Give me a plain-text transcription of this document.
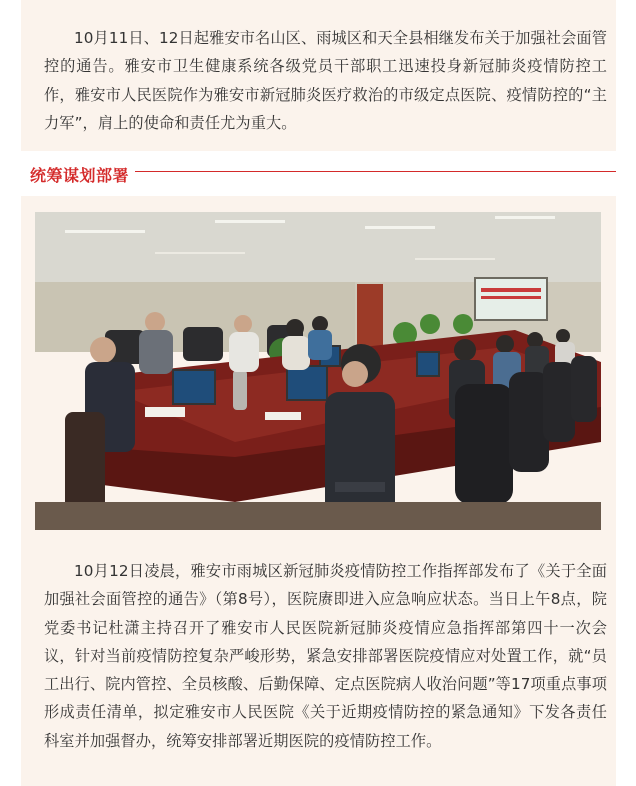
10月11日、12日起雅安市名山区、雨城区和天全县相继发布关于加强社会面管控的通告。雅安市卫生健康系统各级党员干部职工迅速投身新冠肺炎疫情防控工作，雅安市人民医院作为雅安市新冠肺炎医疗救治的市级定点医院、疫情防控的“主力军”，肩上的使命和责任尤为重大。

统筹谋划部署

10月12日凌晨，雅安市雨城区新冠肺炎疫情防控工作指挥部发布了《关于全面加强社会面管控的通告》（第8号），医院赓即进入应急响应状态。当日上午8点，院党委书记杜潇主持召开了雅安市人民医院新冠肺炎疫情应急指挥部第四十一次会议，针对当前疫情防控复杂严峻形势，紧急安排部署医院疫情应对处置工作，就“员工出行、院内管控、全员核酸、后勤保障、定点医院病人收治问题”等17项重点事项形成责任清单，拟定雅安市人民医院《关于近期疫情防控的紧急通知》下发各责任科室并加强督办，统筹安排部署近期医院的疫情防控工作。
